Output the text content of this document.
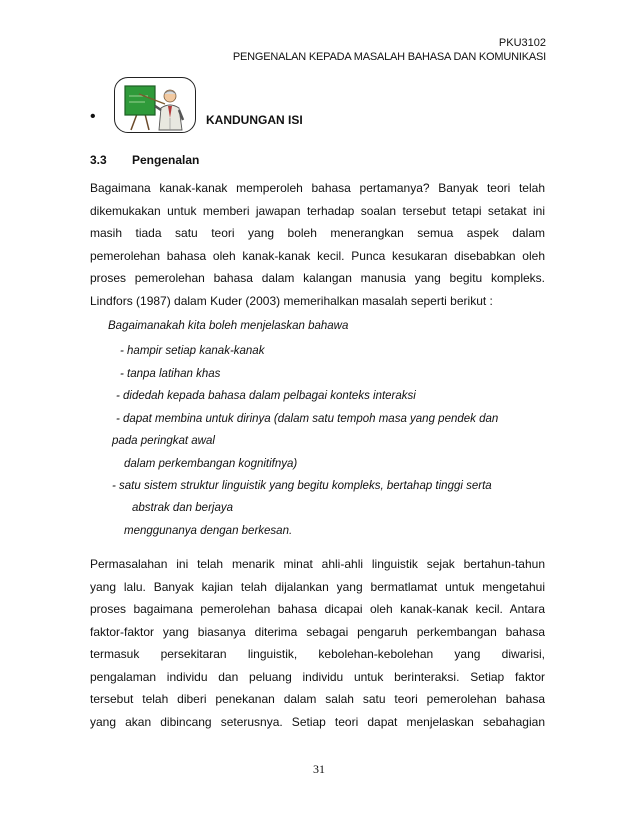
PKU3102
PENGENALAN KEPADA MASALAH BAHASA DAN KOMUNIKASI
•	KANDUNGAN ISI
3.3 Pengenalan
Bagaimana kanak-kanak memperoleh bahasa pertamanya? Banyak teori telah
dikemukakan untuk memberi jawapan terhadap soalan tersebut tetapi setakat ini
masih tiada satu teori yang boleh menerangkan semua aspek dalam
pemerolehan bahasa oleh kanak-kanak kecil. Punca kesukaran disebabkan oleh
proses pemerolehan bahasa dalam kalangan manusia yang begitu kompleks.
Lindfors (1987) dalam Kuder (2003) memerihalkan masalah seperti berikut :
Bagaimanakah kita boleh menjelaskan bahawa
- hampir setiap kanak-kanak
- tanpa latihan khas
- didedah kepada bahasa dalam pelbagai konteks interaksi
- dapat membina untuk dirinya (dalam satu tempoh masa yang pendek dan
pada peringkat awal
dalam perkembangan kognitifnya)
- satu sistem struktur linguistik yang begitu kompleks, bertahap tinggi serta
abstrak dan berjaya
menggunanya dengan berkesan.
Permasalahan ini telah menarik minat ahli-ahli linguistik sejak bertahun-tahun
yang lalu. Banyak kajian telah dijalankan yang bermatlamat untuk mengetahui
proses bagaimana pemerolehan bahasa dicapai oleh kanak-kanak kecil. Antara
faktor-faktor yang biasanya diterima sebagai pengaruh perkembangan bahasa
termasuk persekitaran linguistik, kebolehan-kebolehan yang diwarisi,
pengalaman individu dan peluang individu untuk berinteraksi. Setiap faktor
tersebut telah diberi penekanan dalam salah satu teori pemerolehan bahasa
yang akan dibincang seterusnya. Setiap teori dapat menjelaskan sebahagian
31
